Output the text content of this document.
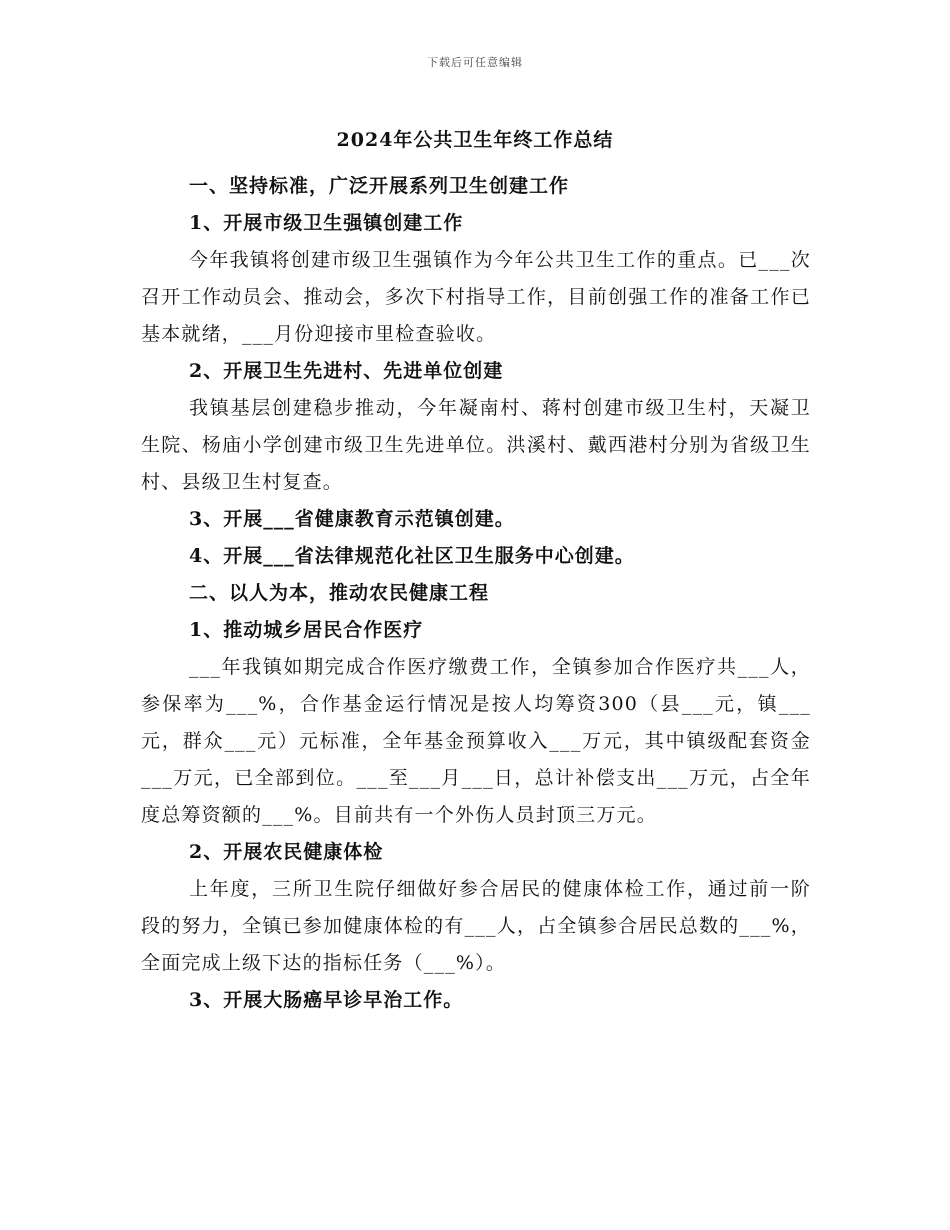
下载后可任意编辑
2024年公共卫生年终工作总结

一、坚持标准，广泛开展系列卫生创建工作

1、开展市级卫生强镇创建工作

今年我镇将创建市级卫生强镇作为今年公共卫生工作的重点。已___次召开工作动员会、推动会，多次下村指导工作，目前创强工作的准备工作已基本就绪，___月份迎接市里检查验收。

2、开展卫生先进村、先进单位创建

我镇基层创建稳步推动，今年凝南村、蒋村创建市级卫生村，天凝卫生院、杨庙小学创建市级卫生先进单位。洪溪村、戴西港村分别为省级卫生村、县级卫生村复查。

3、开展___省健康教育示范镇创建。

4、开展___省法律规范化社区卫生服务中心创建。

二、以人为本，推动农民健康工程

1、推动城乡居民合作医疗

___年我镇如期完成合作医疗缴费工作，全镇参加合作医疗共___人，参保率为___%，合作基金运行情况是按人均筹资300（县___元，镇___元，群众___元）元标准，全年基金预算收入___万元，其中镇级配套资金___万元，已全部到位。___至___月___日，总计补偿支出___万元，占全年度总筹资额的___%。目前共有一个外伤人员封顶三万元。

2、开展农民健康体检

上年度，三所卫生院仔细做好参合居民的健康体检工作，通过前一阶段的努力，全镇已参加健康体检的有___人，占全镇参合居民总数的___%，全面完成上级下达的指标任务（___%）。

3、开展大肠癌早诊早治工作。
